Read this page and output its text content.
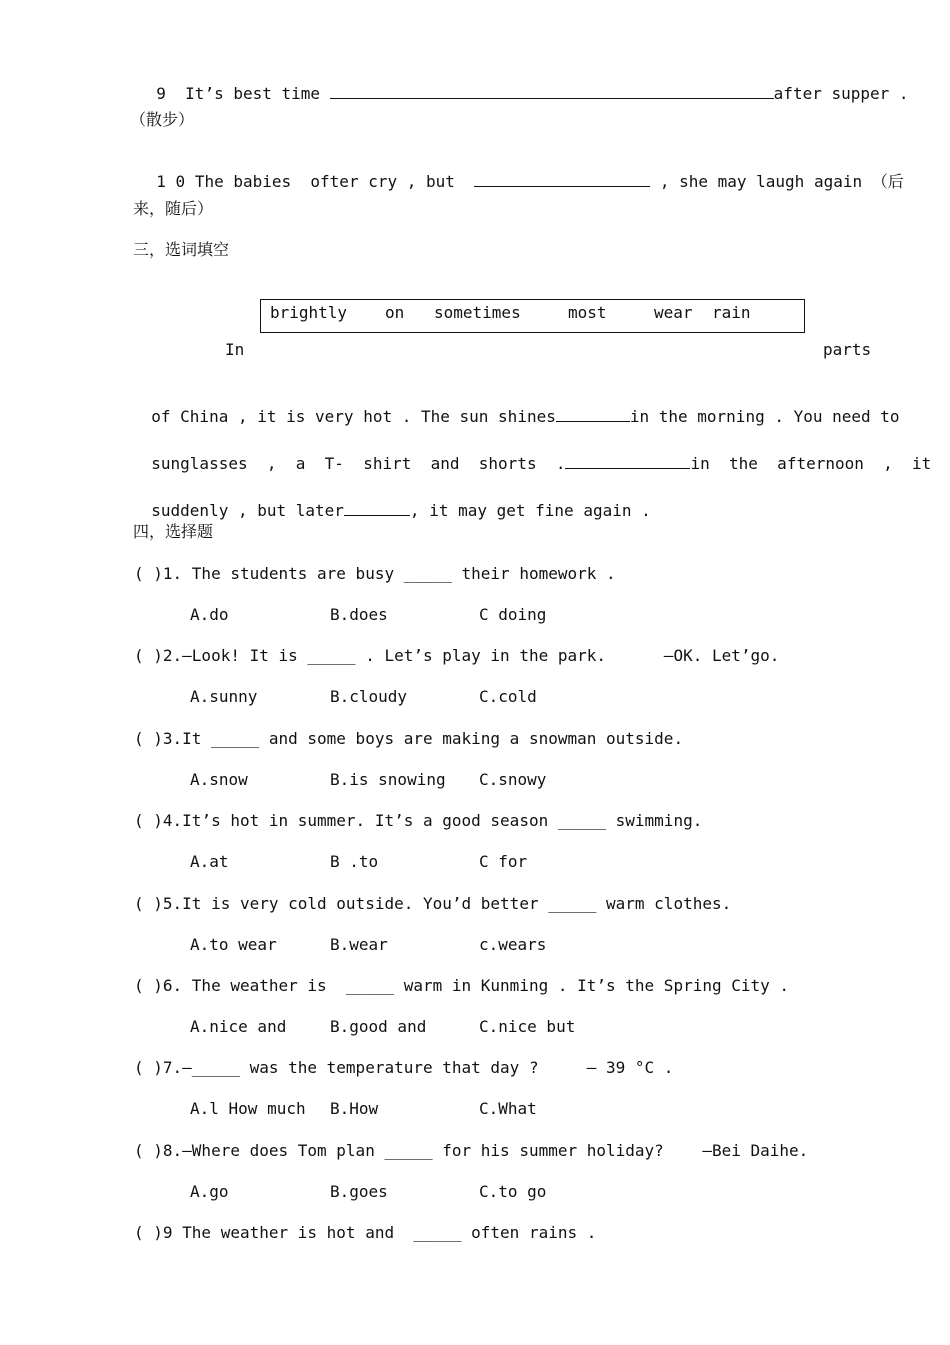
9 It’s best time	after supper .

（散步）

1 0 The babies  ofter cry , but	, she may laugh again （后

来，随后）
三，选词填空
brightly on sometimes	most	wear rain
In	parts

of China , it is very hot . The sun shines	in the morning . You need to

sunglasses  ,  a  T-  shirt  and  shorts  .	in  the  afternoon  ,  it

suddenly , but later	, it may get fine again .

四，选择题
( )1. The students are busy _____ their homework .
A.do	B.does	C doing
( )2.—Look! It is _____ . Let’s play in the park.      —OK. Let’go.
A.sunny	B.cloudy	C.cold
( )3.It _____ and some boys are making a snowman outside.
A.snow	B.is snowing C.snowy
( )4.It’s hot in summer. It’s a good season _____ swimming.
A.at	B .to	C for
( )5.It is very cold outside. You’d better _____ warm clothes.
A.to wear	B.wear	c.wears
( )6. The weather is  _____ warm in Kunming . It’s the Spring City .
A.nice and	B.good and	C.nice but
( )7.—_____ was the temperature that day ?     — 39 °C .
A.l How much B.How	C.What
( )8.—Where does Tom plan _____ for his summer holiday?    —Bei Daihe.
A.go	B.goes	C.to go
( )9 The weather is hot and  _____ often rains .
